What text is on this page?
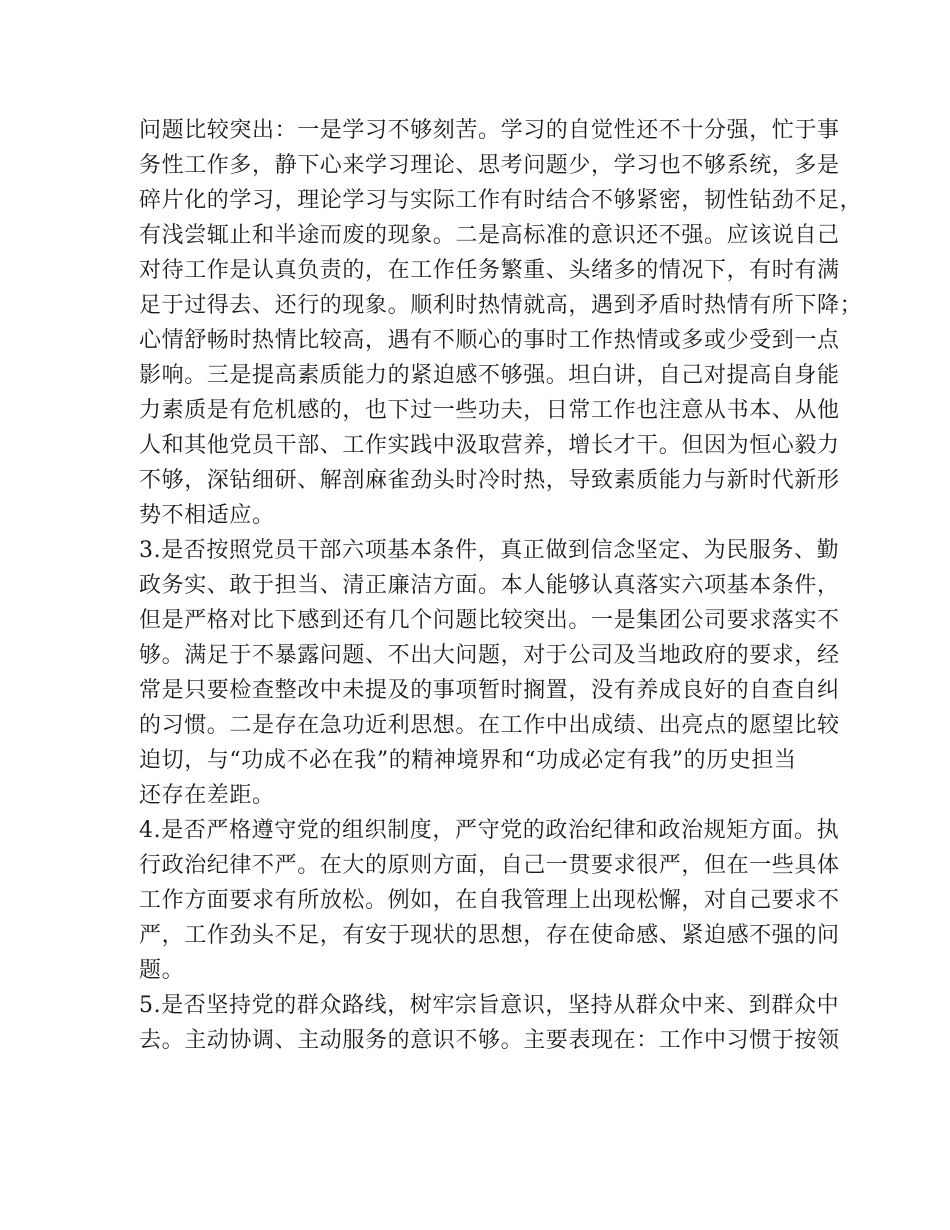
问题比较突出：一是学习不够刻苦。学习的自觉性还不十分强，忙于事
务性工作多，静下心来学习理论、思考问题少，学习也不够系统，多是
碎片化的学习，理论学习与实际工作有时结合不够紧密，韧性钻劲不足，
有浅尝辄止和半途而废的现象。二是高标准的意识还不强。应该说自己
对待工作是认真负责的，在工作任务繁重、头绪多的情况下，有时有满
足于过得去、还行的现象。顺利时热情就高，遇到矛盾时热情有所下降；
心情舒畅时热情比较高，遇有不顺心的事时工作热情或多或少受到一点
影响。三是提高素质能力的紧迫感不够强。坦白讲，自己对提高自身能
力素质是有危机感的，也下过一些功夫，日常工作也注意从书本、从他
人和其他党员干部、工作实践中汲取营养，增长才干。但因为恒心毅力
不够，深钻细研、解剖麻雀劲头时冷时热，导致素质能力与新时代新形
势不相适应。
3.是否按照党员干部六项基本条件，真正做到信念坚定、为民服务、勤
政务实、敢于担当、清正廉洁方面。本人能够认真落实六项基本条件，
但是严格对比下感到还有几个问题比较突出。一是集团公司要求落实不
够。满足于不暴露问题、不出大问题，对于公司及当地政府的要求，经
常是只要检查整改中未提及的事项暂时搁置，没有养成良好的自查自纠
的习惯。二是存在急功近利思想。在工作中出成绩、出亮点的愿望比较
迫切，与“功成不必在我”的精神境界和“功成必定有我”的历史担当
还存在差距。
4.是否严格遵守党的组织制度，严守党的政治纪律和政治规矩方面。执
行政治纪律不严。在大的原则方面，自己一贯要求很严，但在一些具体
工作方面要求有所放松。例如，在自我管理上出现松懈，对自己要求不
严，工作劲头不足，有安于现状的思想，存在使命感、紧迫感不强的问
题。
5.是否坚持党的群众路线，树牢宗旨意识，坚持从群众中来、到群众中
去。主动协调、主动服务的意识不够。主要表现在：工作中习惯于按领
